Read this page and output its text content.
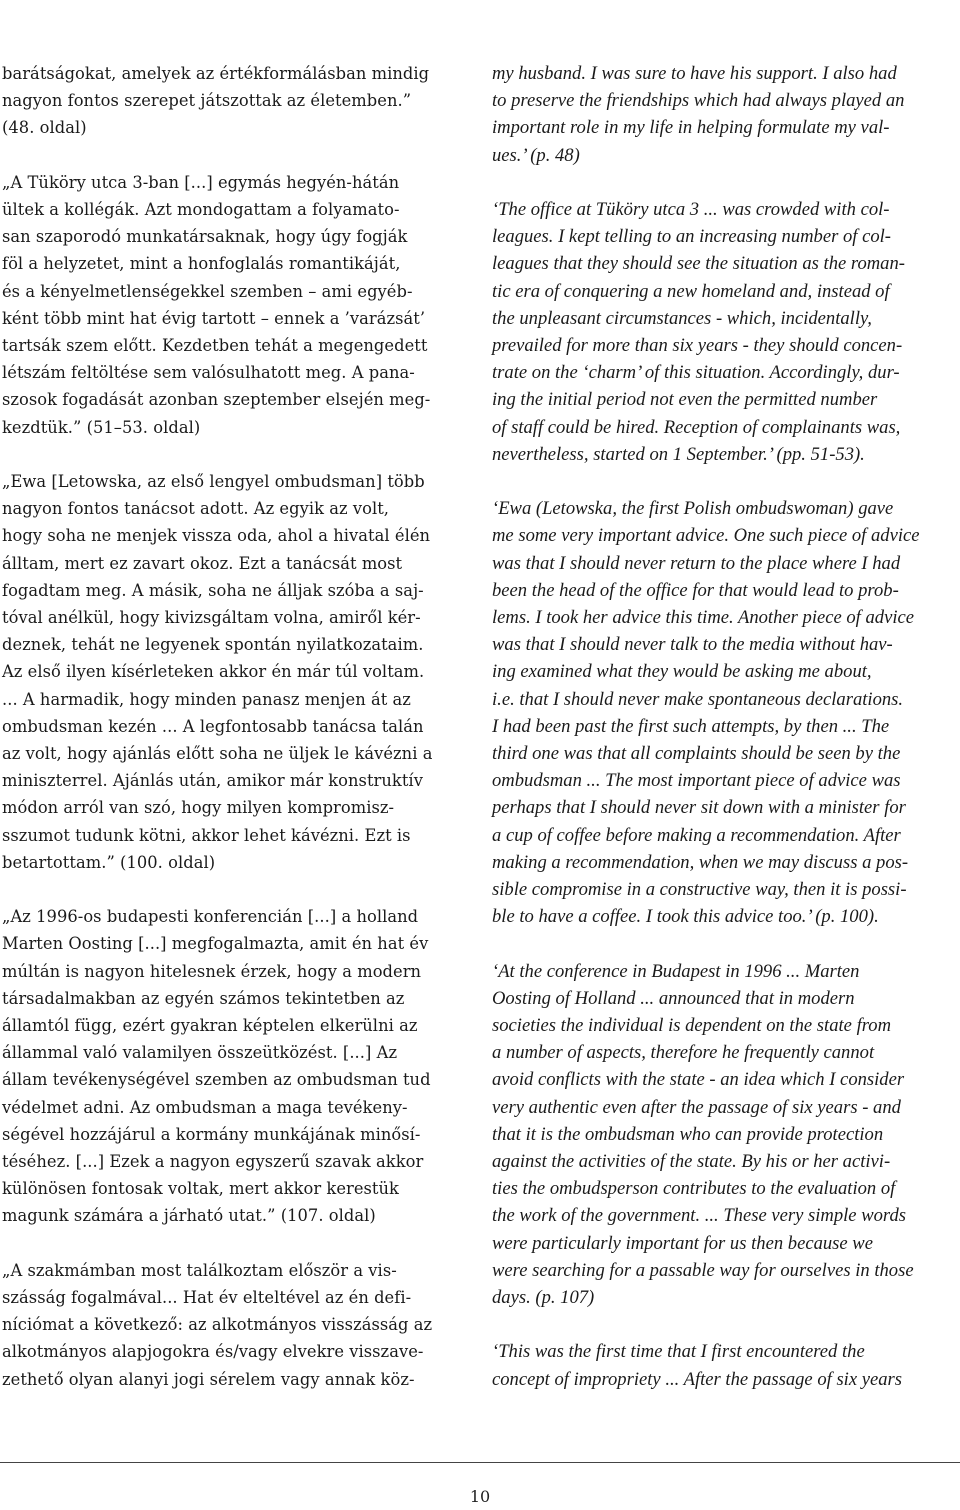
barátságokat, amelyek az értékformálásban mindig
nagyon fontos szerepet játszottak az életemben.”
(48. oldal)

„A Tüköry utca 3-ban [...] egymás hegyén-hátán
ültek a kollégák. Azt mondogattam a folyamato-
san szaporodó munkatársaknak, hogy úgy fogják
föl a helyzetet, mint a honfoglalás romantikáját,
és a kényelmetlenségekkel szemben – ami egyéb-
ként több mint hat évig tartott – ennek a ’varázsát’
tartsák szem előtt. Kezdetben tehát a megengedett
létszám feltöltése sem valósulhatott meg. A pana-
szosok fogadását azonban szeptember elsején meg-
kezdtük.” (51–53. oldal)

„Ewa [Letowska, az első lengyel ombudsman] több
nagyon fontos tanácsot adott. Az egyik az volt,
hogy soha ne menjek vissza oda, ahol a hivatal élén
álltam, mert ez zavart okoz. Ezt a tanácsát most
fogadtam meg. A másik, soha ne álljak szóba a saj-
tóval anélkül, hogy kivizsgáltam volna, amiről kér-
deznek, tehát ne legyenek spontán nyilatkozataim.
Az első ilyen kísérleteken akkor én már túl voltam.
... A harmadik, hogy minden panasz menjen át az
ombudsman kezén ... A legfontosabb tanácsa talán
az volt, hogy ajánlás előtt soha ne üljek le kávézni a
miniszterrel. Ajánlás után, amikor már konstruktív
módon arról van szó, hogy milyen kompromisz-
sszumot tudunk kötni, akkor lehet kávézni. Ezt is
betartottam.” (100. oldal)

„Az 1996-os budapesti konferencián [...] a holland
Marten Oosting [...] megfogalmazta, amit én hat év
múltán is nagyon hitelesnek érzek, hogy a modern
társadalmakban az egyén számos tekintetben az
államtól függ, ezért gyakran képtelen elkerülni az
állammal való valamilyen összeütközést. [...] Az
állam tevékenységével szemben az ombudsman tud
védelmet adni. Az ombudsman a maga tevékeny-
ségével hozzájárul a kormány munkájának minősí-
téséhez. [...] Ezek a nagyon egyszerű szavak akkor
különösen fontosak voltak, mert akkor kerestük
magunk számára a járható utat.” (107. oldal)

„A szakmámban most találkoztam először a vis-
szásság fogalmával... Hat év elteltével az én defi-
níciómat a következő: az alkotmányos visszásság az
alkotmányos alapjogokra és/vagy elvekre visszave-
zethető olyan alanyi jogi sérelem vagy annak köz-

my husband. I was sure to have his support. I also had
to preserve the friendships which had always played an
important role in my life in helping formulate my val-
ues.’ (p. 48)

‘The office at Tüköry utca 3 ... was crowded with col-
leagues. I kept telling to an increasing number of col-
leagues that they should see the situation as the roman-
tic era of conquering a new homeland and, instead of
the unpleasant circumstances - which, incidentally,
prevailed for more than six years - they should concen-
trate on the ‘charm’ of this situation. Accordingly, dur-
ing the initial period not even the permitted number
of staff could be hired. Reception of complainants was,
nevertheless, started on 1 September.’ (pp. 51-53).

‘Ewa (Letowska, the first Polish ombudswoman) gave
me some very important advice. One such piece of advice
was that I should never return to the place where I had
been the head of the office for that would lead to prob-
lems. I took her advice this time. Another piece of advice
was that I should never talk to the media without hav-
ing examined what they would be asking me about,
i.e. that I should never make spontaneous declarations.
I had been past the first such attempts, by then ... The
third one was that all complaints should be seen by the
ombudsman ... The most important piece of advice was
perhaps that I should never sit down with a minister for
a cup of coffee before making a recommendation. After
making a recommendation, when we may discuss a pos-
sible compromise in a constructive way, then it is possi-
ble to have a coffee. I took this advice too.’ (p. 100).

‘At the conference in Budapest in 1996 ... Marten
Oosting of Holland ... announced that in modern
societies the individual is dependent on the state from
a number of aspects, therefore he frequently cannot
avoid conflicts with the state - an idea which I consider
very authentic even after the passage of six years - and
that it is the ombudsman who can provide protection
against the activities of the state. By his or her activi-
ties the ombudsperson contributes to the evaluation of
the work of the government. ... These very simple words
were particularly important for us then because we
were searching for a passable way for ourselves in those
days. (p. 107)

‘This was the first time that I first encountered the
concept of impropriety ... After the passage of six years

10
